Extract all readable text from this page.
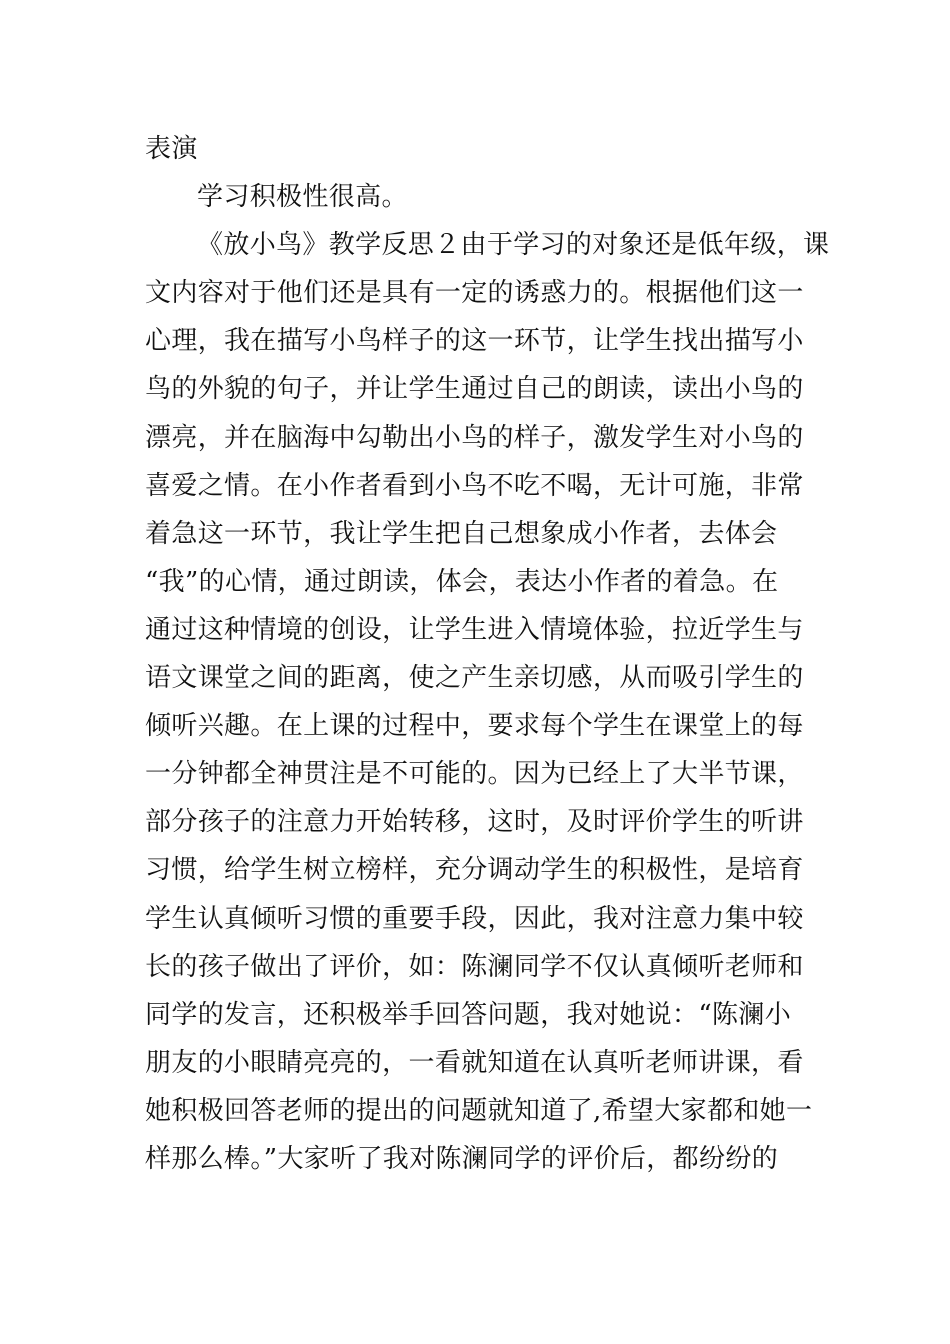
表演
学习积极性很高。
《放小鸟》教学反思２由于学习的对象还是低年级，课
文内容对于他们还是具有一定的诱惑力的。根据他们这一
心理，我在描写小鸟样子的这一环节，让学生找出描写小
鸟的外貌的句子，并让学生通过自己的朗读，读出小鸟的
漂亮，并在脑海中勾勒出小鸟的样子，激发学生对小鸟的
喜爱之情。在小作者看到小鸟不吃不喝，无计可施，非常
着急这一环节，我让学生把自己想象成小作者，去体会
“我”的心情，通过朗读，体会，表达小作者的着急。在
通过这种情境的创设，让学生进入情境体验，拉近学生与
语文课堂之间的距离，使之产生亲切感，从而吸引学生的
倾听兴趣。在上课的过程中，要求每个学生在课堂上的每
一分钟都全神贯注是不可能的。因为已经上了大半节课，
部分孩子的注意力开始转移，这时，及时评价学生的听讲
习惯，给学生树立榜样，充分调动学生的积极性，是培育
学生认真倾听习惯的重要手段，因此，我对注意力集中较
长的孩子做出了评价，如：陈澜同学不仅认真倾听老师和
同学的发言，还积极举手回答问题，我对她说：“陈澜小
朋友的小眼睛亮亮的，一看就知道在认真听老师讲课，看
她积极回答老师的提出的问题就知道了,希望大家都和她一
样那么棒。”大家听了我对陈澜同学的评价后，都纷纷的
